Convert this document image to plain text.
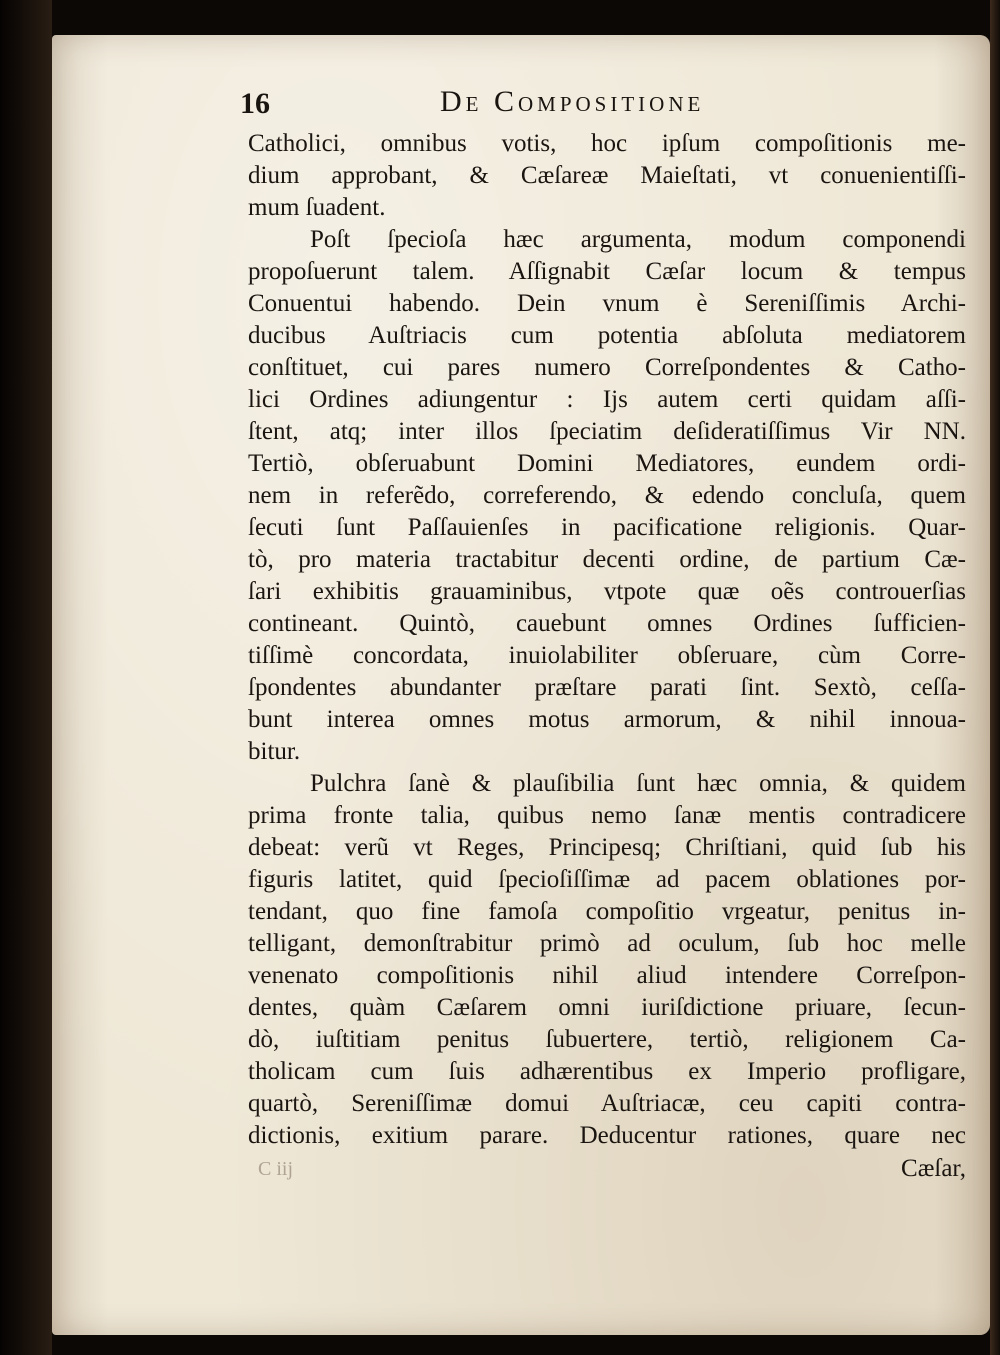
16	De Compositione
Catholici, omnibus votis, hoc ipſum compoſitionis me-
dium approbant, & Cæſareæ Maieſtati, vt conuenientiſſi-
mum ſuadent.
Poſt ſpecioſa hæc argumenta, modum componendi
propoſuerunt talem. Aſſignabit Cæſar locum & tempus
Conuentui habendo. Dein vnum è Sereniſſimis Archi-
ducibus Auſtriacis cum potentia abſoluta mediatorem
conſtituet, cui pares numero Correſpondentes & Catho-
lici Ordines adiungentur : Ijs autem certi quidam aſſi-
ſtent, atq; inter illos ſpeciatim deſideratiſſimus Vir NN.
Tertiò, obſeruabunt Domini Mediatores, eundem ordi-
nem in referẽdo, correferendo, & edendo concluſa, quem
ſecuti ſunt Paſſauienſes in pacificatione religionis. Quar-
tò, pro materia tractabitur decenti ordine, de partium Cæ-
ſari exhibitis grauaminibus, vtpote quæ oẽs controuerſias
contineant. Quintò, cauebunt omnes Ordines ſufficien-
tiſſimè concordata, inuiolabiliter obſeruare, cùm Corre-
ſpondentes abundanter præſtare parati ſint. Sextò, ceſſa-
bunt interea omnes motus armorum, & nihil innoua-
bitur.
Pulchra ſanè & plauſibilia ſunt hæc omnia, & quidem
prima fronte talia, quibus nemo ſanæ mentis contradicere
debeat: verũ vt Reges, Principesq; Chriſtiani, quid ſub his
figuris latitet, quid ſpecioſiſſimæ ad pacem oblationes por-
tendant, quo fine famoſa compoſitio vrgeatur, penitus in-
telligant, demonſtrabitur primò ad oculum, ſub hoc melle
venenato compoſitionis nihil aliud intendere Correſpon-
dentes, quàm Cæſarem omni iuriſdictione priuare, ſecun-
dò, iuſtitiam penitus ſubuertere, tertiò, religionem Ca-
tholicam cum ſuis adhærentibus ex Imperio profligare,
quartò, Sereniſſimæ domui Auſtriacæ, ceu capiti contra-
dictionis, exitium parare. Deducentur rationes, quare nec
C iij	Cæſar,
